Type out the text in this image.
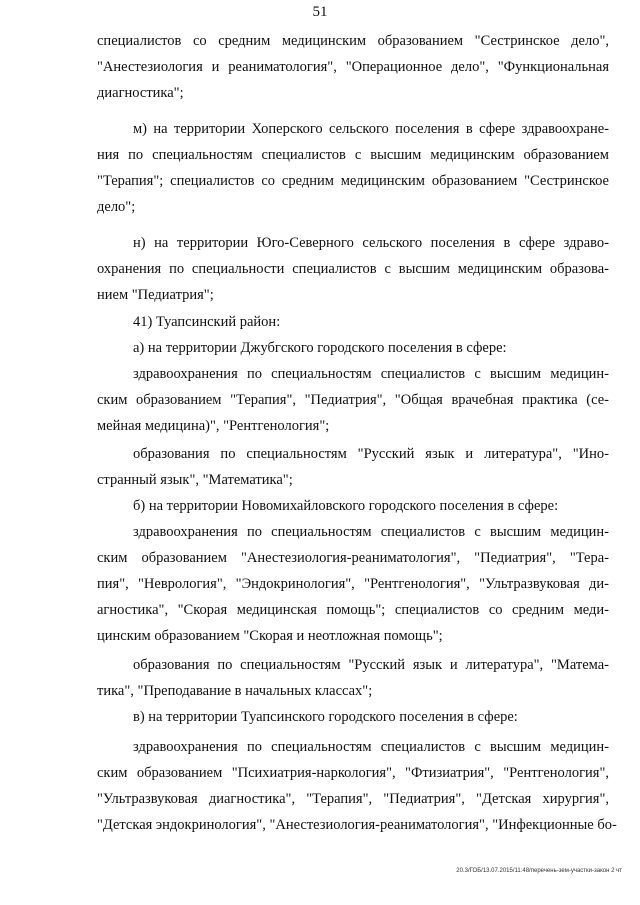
51
специалистов со средним медицинским образованием "Сестринское дело",
"Анестезиология и реаниматология", "Операционное дело", "Функциональная
диагностика";
м) на территории Хоперского сельского поселения в сфере здравоохране-
ния по специальностям специалистов с высшим медицинским образованием
"Терапия"; специалистов со средним медицинским образованием "Сестринское
дело";
н) на территории Юго-Северного сельского поселения в сфере здраво-
охранения по специальности специалистов с высшим медицинским образова-
нием "Педиатрия";
41) Туапсинский район:
а) на территории Джубгского городского поселения в сфере:
здравоохранения по специальностям специалистов с высшим медицин-
ским образованием "Терапия", "Педиатрия", "Общая врачебная практика (се-
мейная медицина)", "Рентгенология";
образования по специальностям "Русский язык и литература", "Ино-
странный язык", "Математика";
б) на территории Новомихайловского городского поселения в сфере:
здравоохранения по специальностям специалистов с высшим медицин-
ским образованием "Анестезиология-реаниматология", "Педиатрия", "Тера-
пия", "Неврология", "Эндокринология", "Рентгенология", "Ультразвуковая ди-
агностика", "Скорая медицинская помощь"; специалистов со средним меди-
цинским образованием "Скорая и неотложная помощь";
образования по специальностям "Русский язык и литература", "Матема-
тика", "Преподавание в начальных классах";
в) на территории Туапсинского городского поселения в сфере:
здравоохранения по специальностям специалистов с высшим медицин-
ским образованием "Психиатрия-наркология", "Фтизиатрия", "Рентгенология",
"Ультразвуковая диагностика", "Терапия", "Педиатрия", "Детская хирургия",
"Детская эндокринология", "Анестезиология-реаниматология", "Инфекционные бо-
20.3/ГОБ/13.07.2015/11:48/перечень-зем-участки-закон 2 чт
